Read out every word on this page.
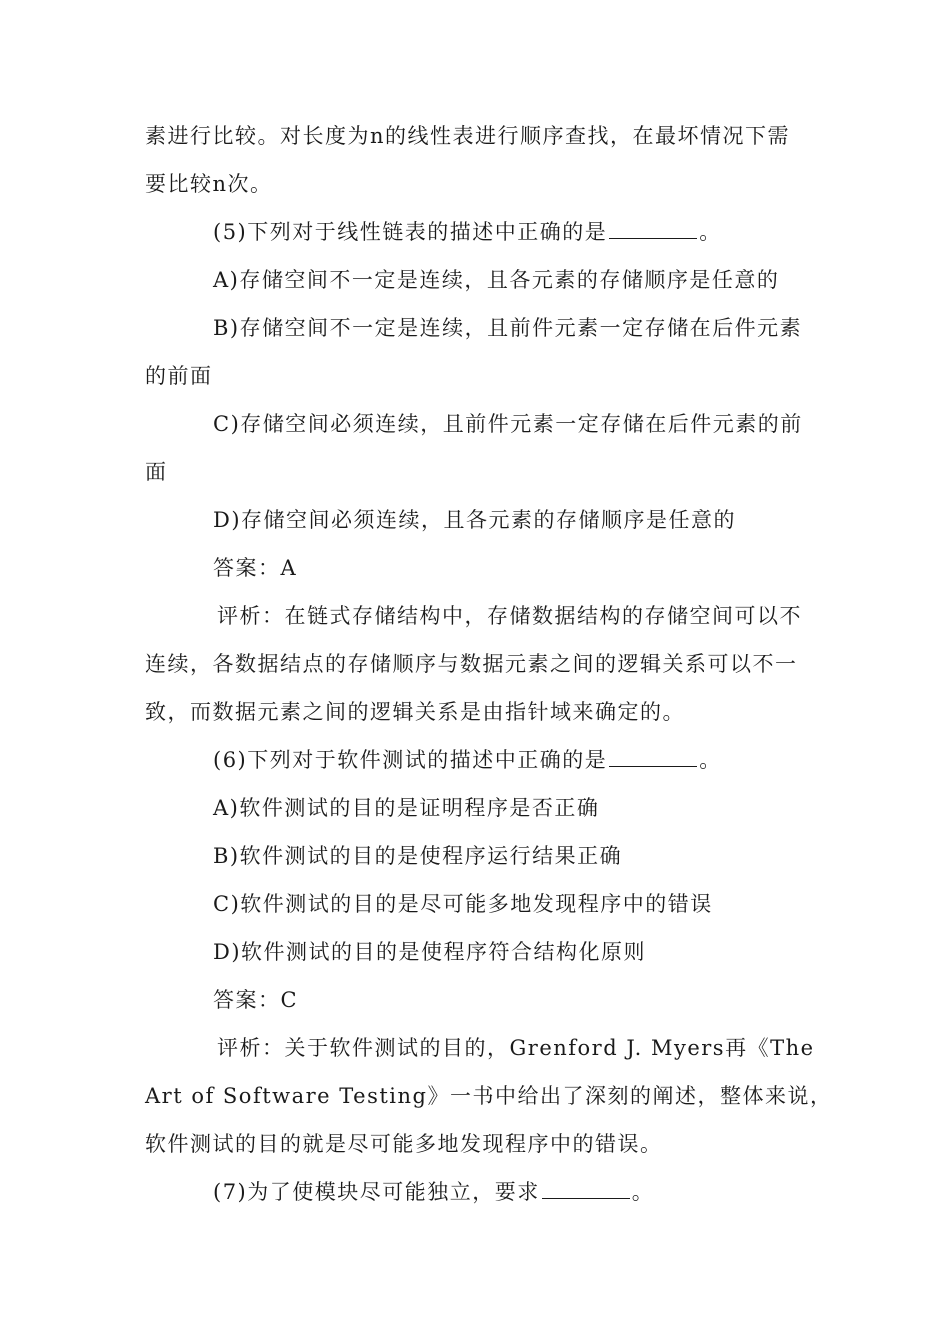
素进行比较。对长度为n的线性表进行顺序查找，在最坏情况下需
要比较n次。
(5)下列对于线性链表的描述中正确的是	。
A)存储空间不一定是连续，且各元素的存储顺序是任意的
B)存储空间不一定是连续，且前件元素一定存储在后件元素
的前面
C)存储空间必须连续，且前件元素一定存储在后件元素的前
面
D)存储空间必须连续，且各元素的存储顺序是任意的
答案：A
评析：在链式存储结构中，存储数据结构的存储空间可以不
连续，各数据结点的存储顺序与数据元素之间的逻辑关系可以不一
致，而数据元素之间的逻辑关系是由指针域来确定的。
(6)下列对于软件测试的描述中正确的是	。
A)软件测试的目的是证明程序是否正确
B)软件测试的目的是使程序运行结果正确
C)软件测试的目的是尽可能多地发现程序中的错误
D)软件测试的目的是使程序符合结构化原则
答案：C
评析：关于软件测试的目的，Grenford J. Myers再《The
Art of Software Testing》一书中给出了深刻的阐述，整体来说，
软件测试的目的就是尽可能多地发现程序中的错误。
(7)为了使模块尽可能独立，要求	。
